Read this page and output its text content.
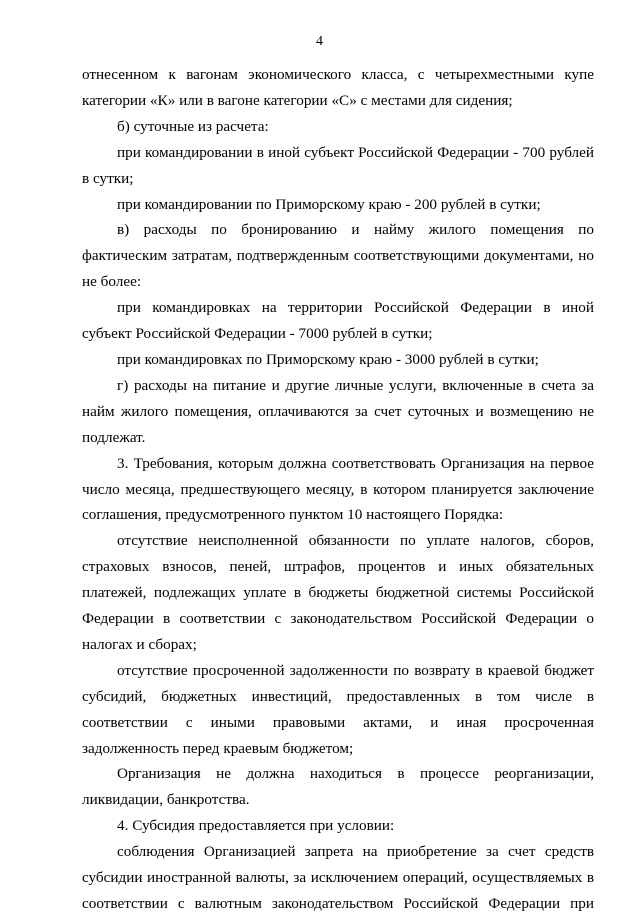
4

отнесенном к вагонам экономического класса, с четырехместными купе категории «К» или в вагоне категории «С» с местами для сидения;

б) суточные из расчета:

при командировании в иной субъект Российской Федерации - 700 рублей в сутки;

при командировании по Приморскому краю - 200 рублей в сутки;

в) расходы по бронированию и найму жилого помещения по фактическим затратам, подтвержденным соответствующими документами, но не более:

при командировках на территории Российской Федерации в иной субъект Российской Федерации - 7000 рублей в сутки;

при командировках по Приморскому краю - 3000 рублей в сутки;

г) расходы на питание и другие личные услуги, включенные в счета за найм жилого помещения, оплачиваются за счет суточных и возмещению не подлежат.

3. Требования, которым должна соответствовать Организация на первое число месяца, предшествующего месяцу, в котором планируется заключение соглашения, предусмотренного пунктом 10 настоящего Порядка:

отсутствие неисполненной обязанности по уплате налогов, сборов, страховых взносов, пеней, штрафов, процентов и иных обязательных платежей, подлежащих уплате в бюджеты бюджетной системы Российской Федерации в соответствии с законодательством Российской Федерации о налогах и сборах;

отсутствие просроченной задолженности по возврату в краевой бюджет субсидий, бюджетных инвестиций, предоставленных в том числе в соответствии с иными правовыми актами, и иная просроченная задолженность перед краевым бюджетом;

Организация не должна находиться в процессе реорганизации, ликвидации, банкротства.

4. Субсидия предоставляется при условии:

соблюдения Организацией запрета на приобретение за счет средств субсидии иностранной валюты, за исключением операций, осуществляемых в соответствии с валютным законодательством Российской Федерации при
